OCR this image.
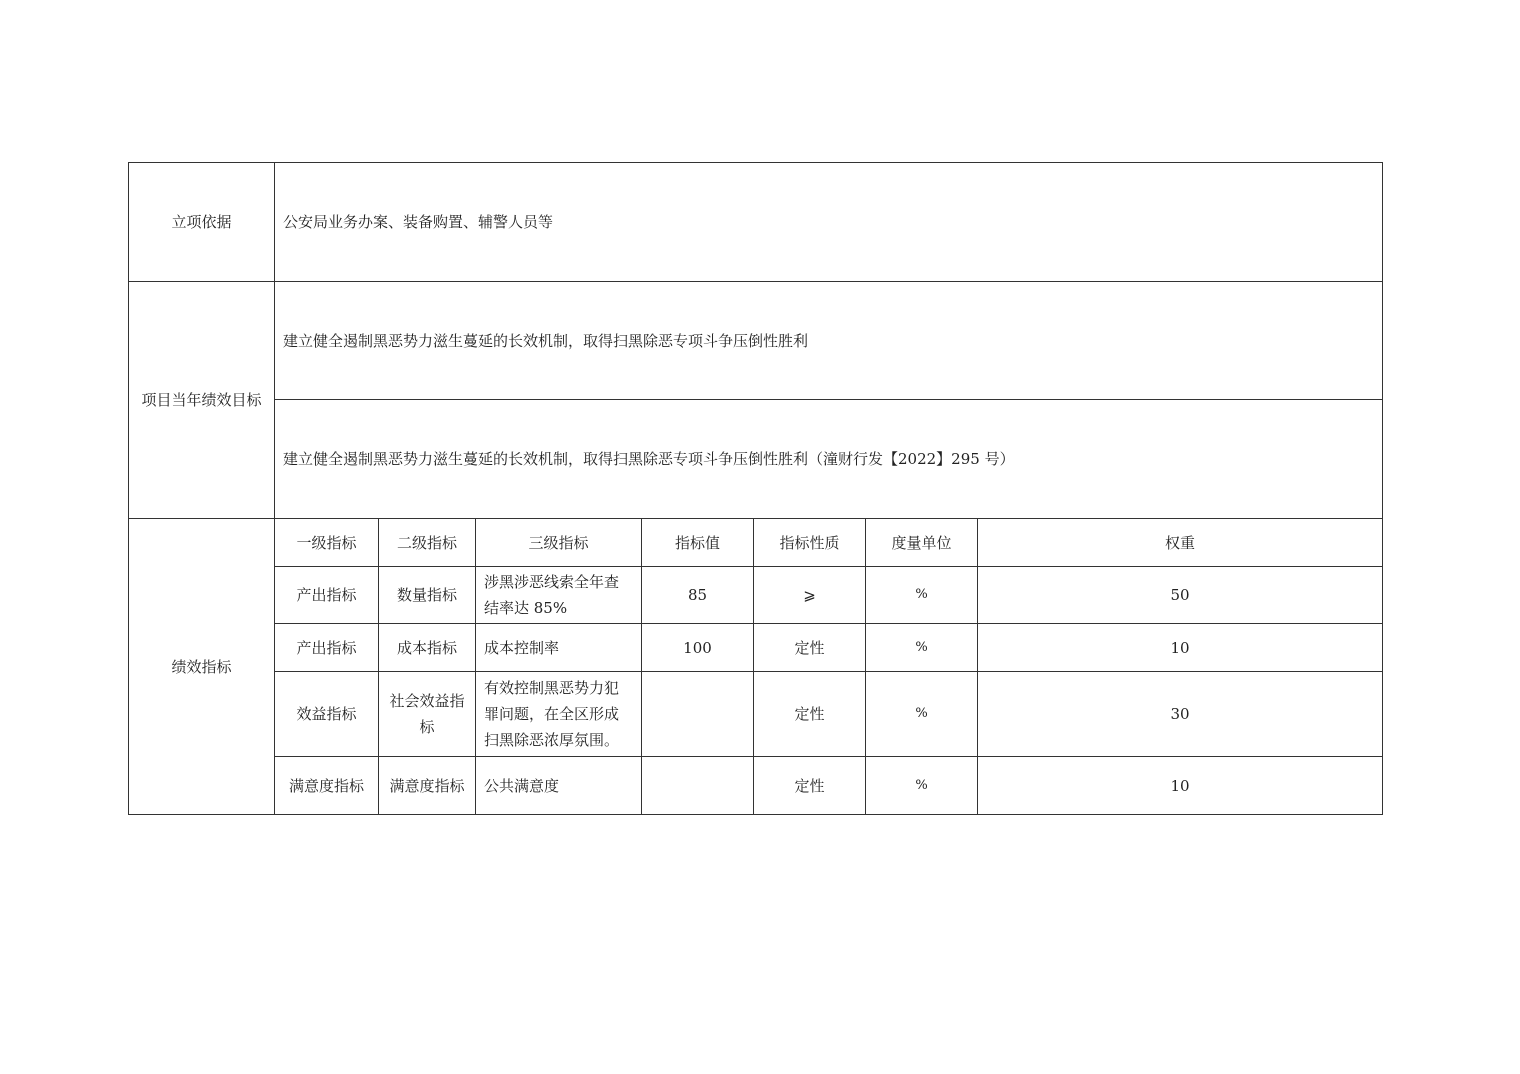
立项依据	公安局业务办案、装备购置、辅警人员等						
项目当年绩效目标	建立健全遏制黑恶势力滋生蔓延的长效机制，取得扫黑除恶专项斗争压倒性胜利						
	建立健全遏制黑恶势力滋生蔓延的长效机制，取得扫黑除恶专项斗争压倒性胜利（潼财行发【2022】295 号）						
绩效指标	一级指标	二级指标	三级指标	指标值	指标性质	度量单位	权重
	产出指标	数量指标	涉黑涉恶线索全年查结率达 85%	85	⩾	%	50
	产出指标	成本指标	成本控制率	100	定性	%	10
	效益指标	社会效益指标	有效控制黑恶势力犯罪问题，在全区形成扫黑除恶浓厚氛围。		定性	%	30
	满意度指标	满意度指标	公共满意度		定性	%	10
